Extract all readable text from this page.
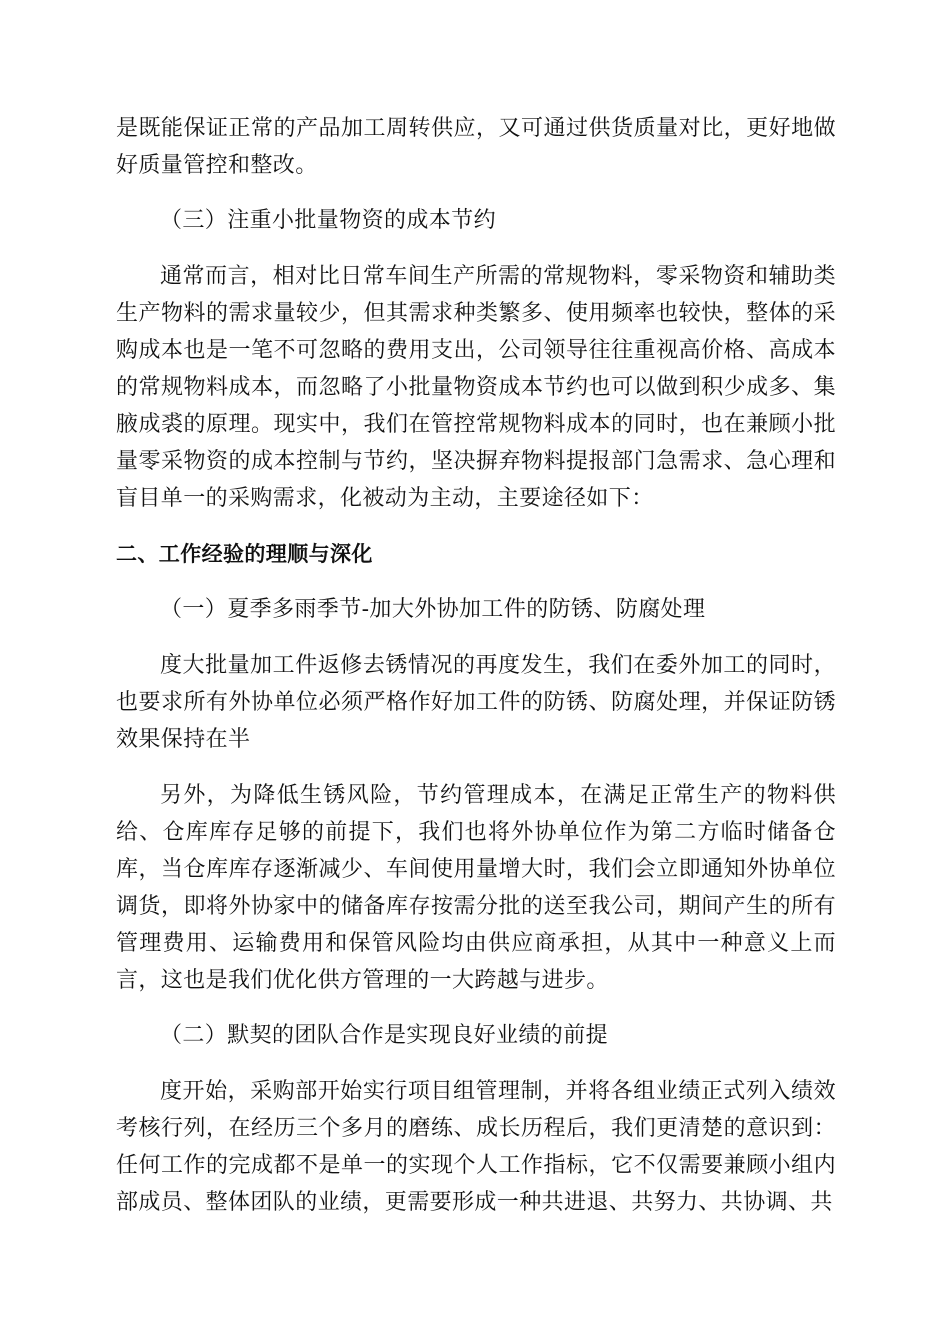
是既能保证正常的产品加工周转供应，又可通过供货质量对比，更好地做好质量管控和整改。

（三）注重小批量物资的成本节约

通常而言，相对比日常车间生产所需的常规物料，零采物资和辅助类生产物料的需求量较少，但其需求种类繁多、使用频率也较快，整体的采购成本也是一笔不可忽略的费用支出，公司领导往往重视高价格、高成本的常规物料成本，而忽略了小批量物资成本节约也可以做到积少成多、集腋成裘的原理。现实中，我们在管控常规物料成本的同时，也在兼顾小批量零采物资的成本控制与节约，坚决摒弃物料提报部门急需求、急心理和盲目单一的采购需求，化被动为主动，主要途径如下：

二、工作经验的理顺与深化

（一）夏季多雨季节-加大外协加工件的防锈、防腐处理

度大批量加工件返修去锈情况的再度发生，我们在委外加工的同时，也要求所有外协单位必须严格作好加工件的防锈、防腐处理，并保证防锈效果保持在半

另外，为降低生锈风险，节约管理成本，在满足正常生产的物料供给、仓库库存足够的前提下，我们也将外协单位作为第二方临时储备仓库，当仓库库存逐渐减少、车间使用量增大时，我们会立即通知外协单位调货，即将外协家中的储备库存按需分批的送至我公司，期间产生的所有管理费用、运输费用和保管风险均由供应商承担，从其中一种意义上而言，这也是我们优化供方管理的一大跨越与进步。

（二）默契的团队合作是实现良好业绩的前提

度开始，采购部开始实行项目组管理制，并将各组业绩正式列入绩效考核行列，在经历三个多月的磨练、成长历程后，我们更清楚的意识到：任何工作的完成都不是单一的实现个人工作指标，它不仅需要兼顾小组内部成员、整体团队的业绩，更需要形成一种共进退、共努力、共协调、共
